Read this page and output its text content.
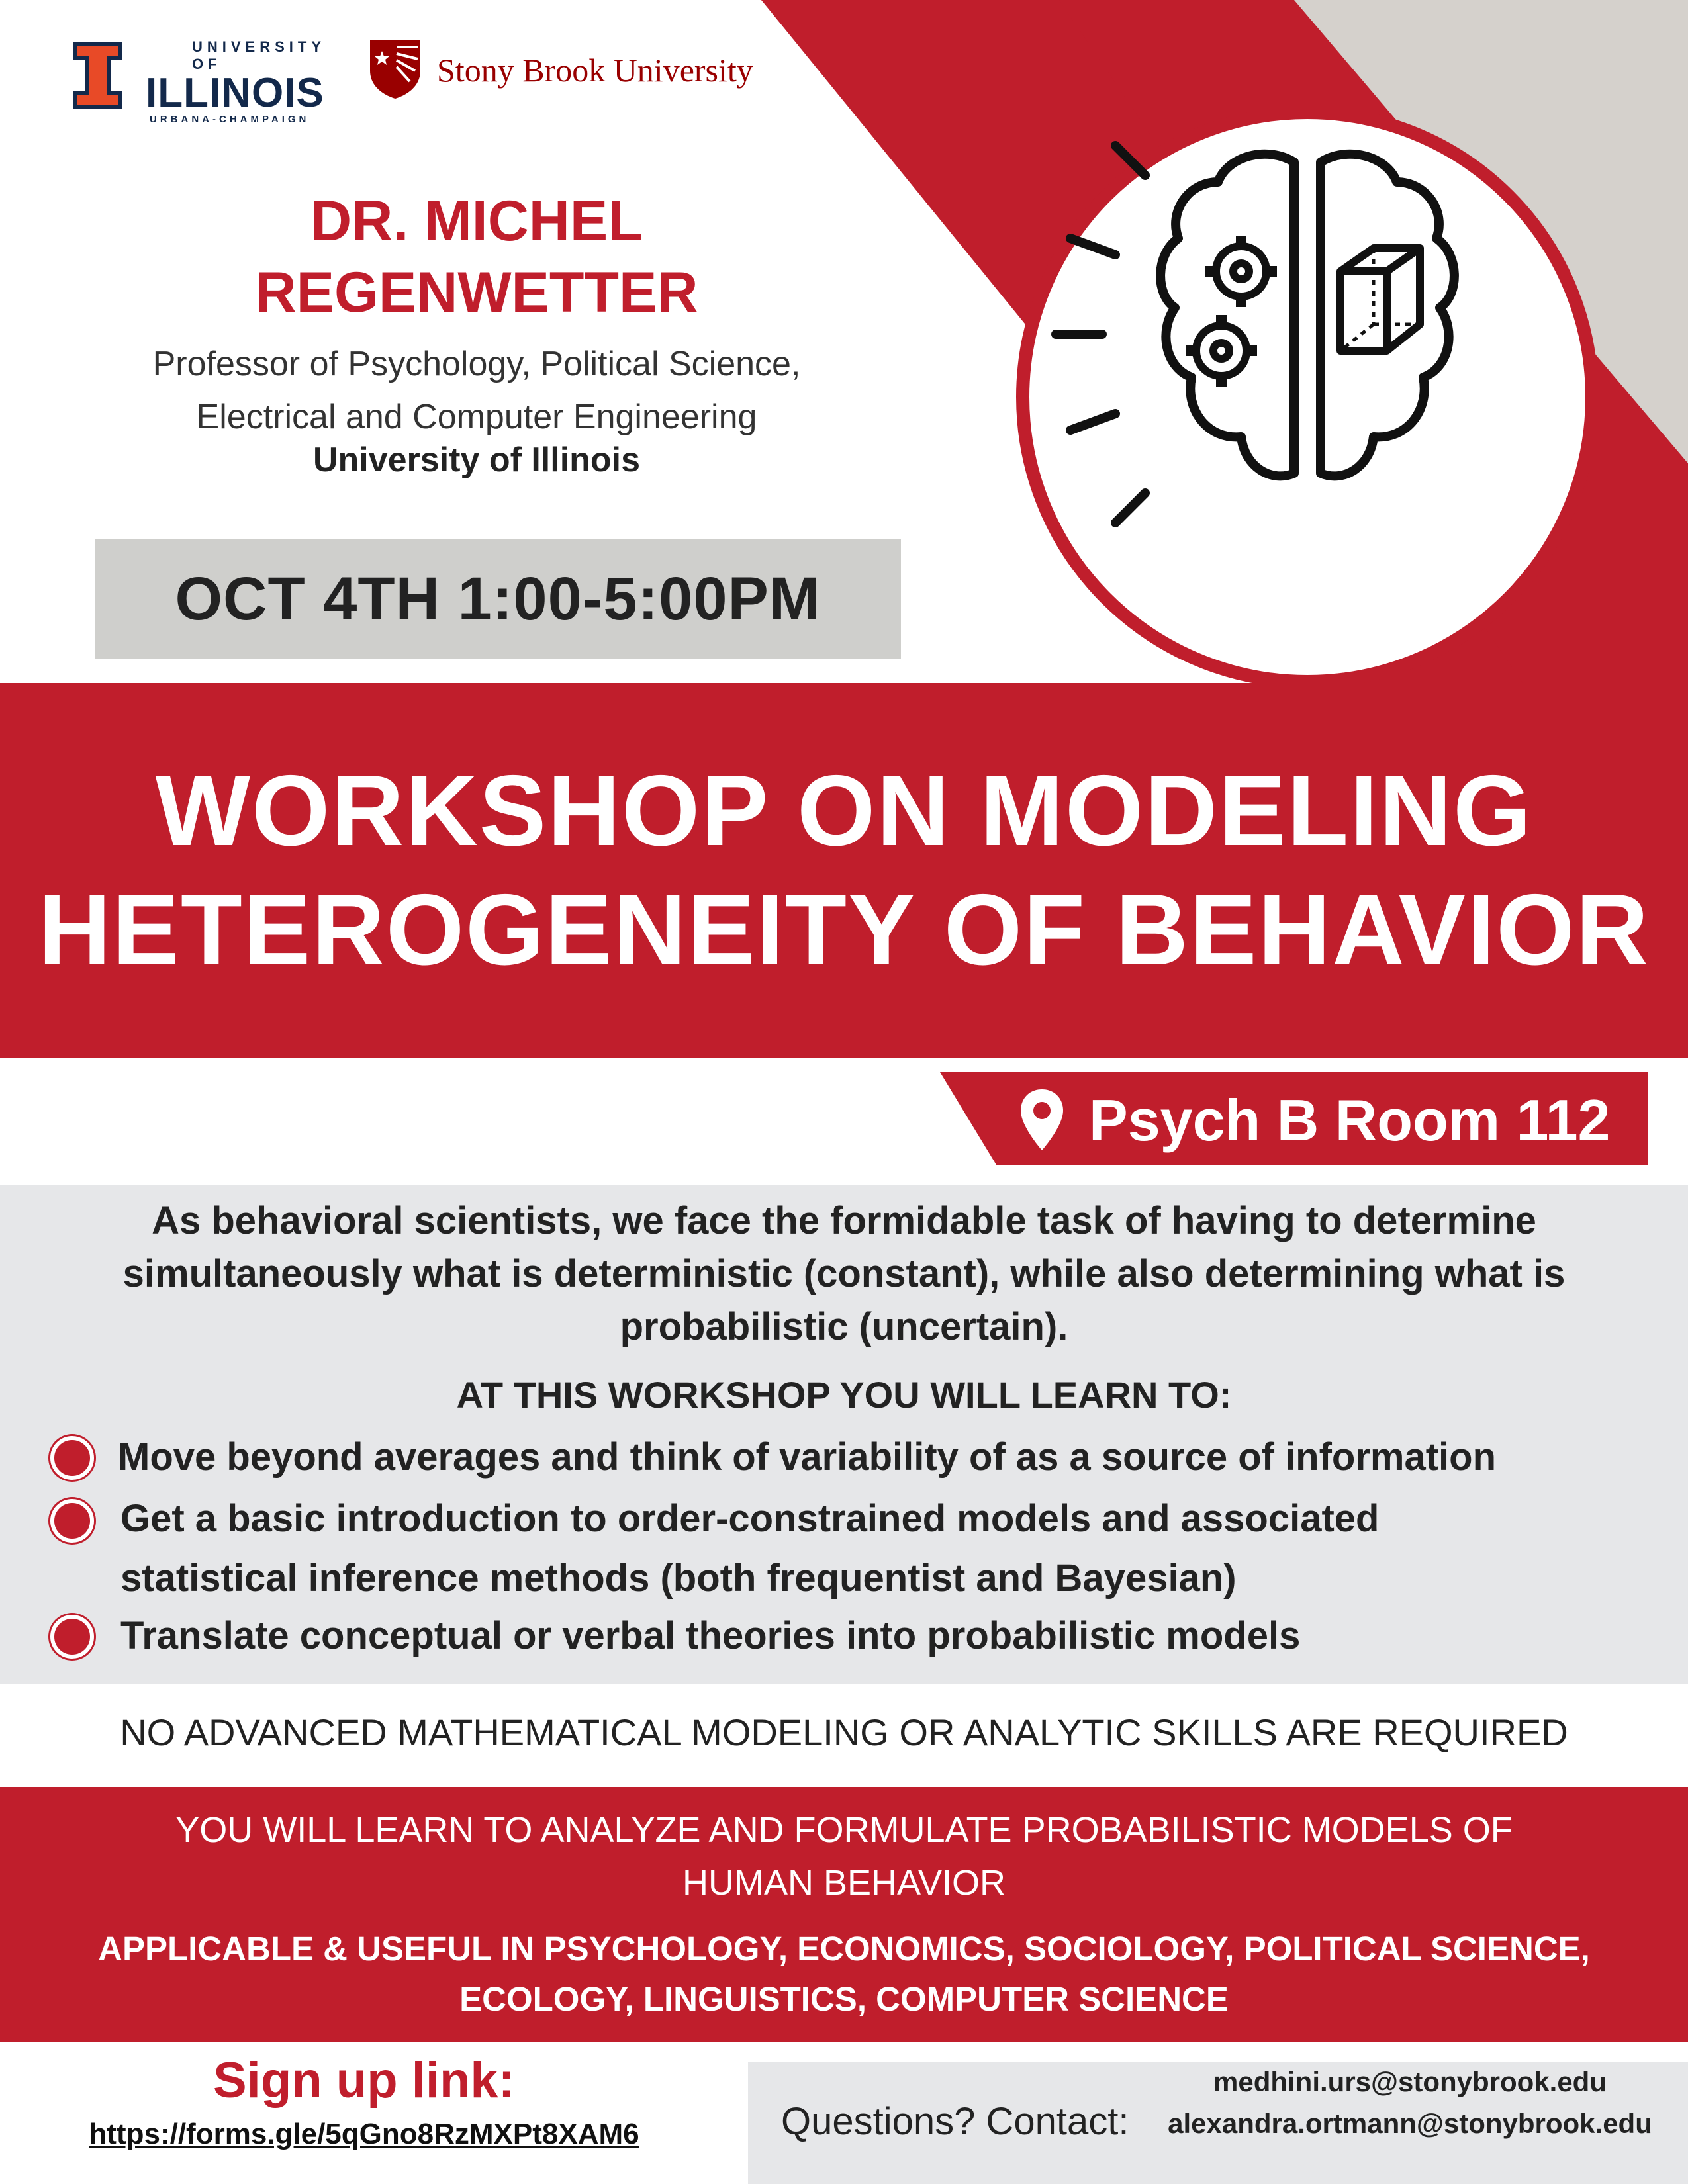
UNIVERSITY OF
ILLINOIS
URBANA-CHAMPAIGN
Stony Brook University
DR. MICHEL
REGENWETTER
Professor of Psychology, Political Science,
Electrical and Computer Engineering
University of Illinois
OCT 4TH 1:00-5:00PM
WORKSHOP ON MODELING
HETEROGENEITY OF BEHAVIOR
Psych B Room 112
As behavioral scientists, we face the formidable task of having to determine
simultaneously what is deterministic (constant), while also determining what is
probabilistic (uncertain).
AT THIS WORKSHOP YOU WILL LEARN TO:
Move beyond averages and think of variability of as a source of information
Get a basic introduction to order-constrained models and associated
statistical inference methods (both frequentist and Bayesian)
Translate conceptual or verbal theories into probabilistic models
NO ADVANCED MATHEMATICAL MODELING OR ANALYTIC SKILLS ARE REQUIRED
YOU WILL LEARN TO ANALYZE AND FORMULATE PROBABILISTIC MODELS OF
HUMAN BEHAVIOR
APPLICABLE & USEFUL IN PSYCHOLOGY, ECONOMICS, SOCIOLOGY, POLITICAL SCIENCE,
ECOLOGY, LINGUISTICS, COMPUTER SCIENCE
Sign up link:
https://forms.gle/5qGno8RzMXPt8XAM6	Questions? Contact:
medhini.urs@stonybrook.edu
alexandra.ortmann@stonybrook.edu
